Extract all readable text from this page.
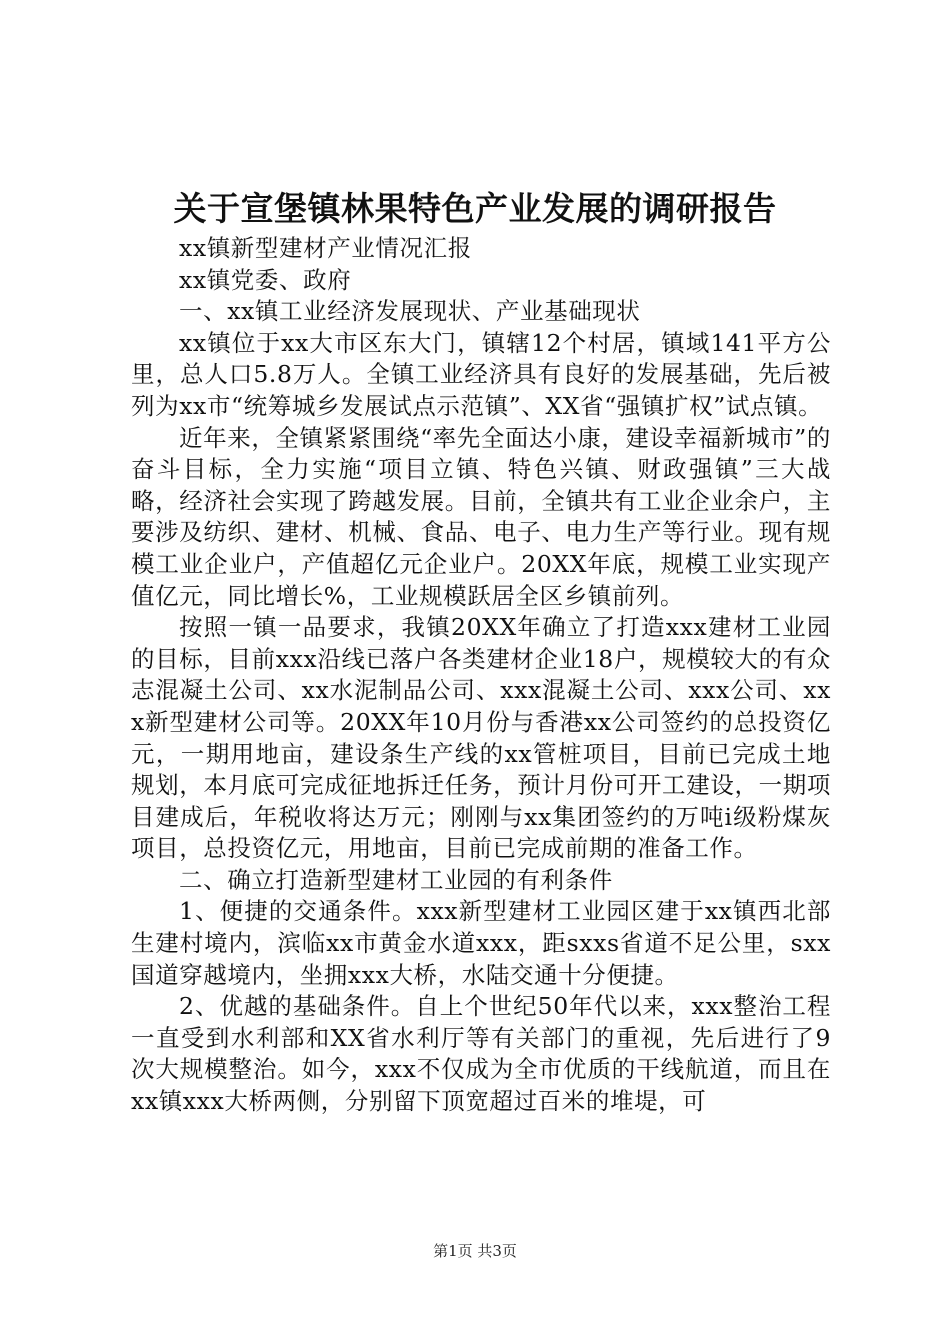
关于宣堡镇林果特色产业发展的调研报告

xx镇新型建材产业情况汇报

xx镇党委、政府

一、xx镇工业经济发展现状、产业基础现状

xx镇位于xx大市区东大门，镇辖12个村居，镇域141平方公里，总人口5.8万人。全镇工业经济具有良好的发展基础，先后被列为xx市“统筹城乡发展试点示范镇”、XX省“强镇扩权”试点镇。

近年来，全镇紧紧围绕“率先全面达小康，建设幸福新城市”的奋斗目标，全力实施“项目立镇、特色兴镇、财政强镇”三大战略，经济社会实现了跨越发展。目前，全镇共有工业企业余户，主要涉及纺织、建材、机械、食品、电子、电力生产等行业。现有规模工业企业户，产值超亿元企业户。20XX年底，规模工业实现产值亿元，同比增长%，工业规模跃居全区乡镇前列。

按照一镇一品要求，我镇20XX年确立了打造xxx建材工业园的目标，目前xxx沿线已落户各类建材企业18户，规模较大的有众志混凝土公司、xx水泥制品公司、xxx混凝土公司、xxx公司、xxx新型建材公司等。20XX年10月份与香港xx公司签约的总投资亿元，一期用地亩，建设条生产线的xx管桩项目，目前已完成土地规划，本月底可完成征地拆迁任务，预计月份可开工建设，一期项目建成后，年税收将达万元；刚刚与xx集团签约的万吨i级粉煤灰项目，总投资亿元，用地亩，目前已完成前期的准备工作。

二、确立打造新型建材工业园的有利条件

1、便捷的交通条件。xxx新型建材工业园区建于xx镇西北部生建村境内，滨临xx市黄金水道xxx，距sxxs省道不足公里，sxx国道穿越境内，坐拥xxx大桥，水陆交通十分便捷。

2、优越的基础条件。自上个世纪50年代以来，xxx整治工程一直受到水利部和XX省水利厅等有关部门的重视，先后进行了9次大规模整治。如今，xxx不仅成为全市优质的干线航道，而且在xx镇xxx大桥两侧，分别留下顶宽超过百米的堆堤，可

第1页 共3页
